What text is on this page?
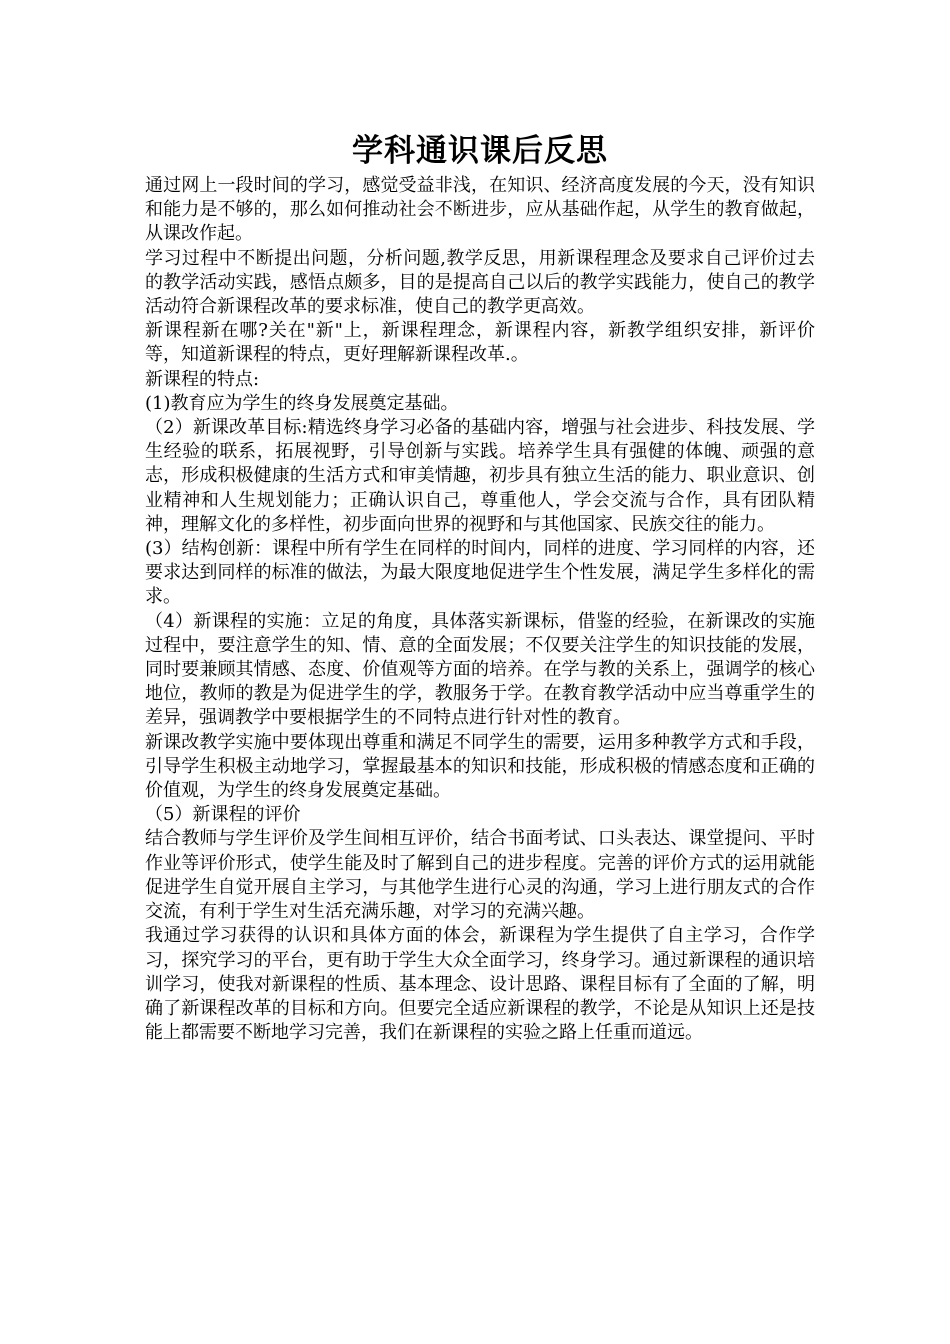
学科通识课后反思

通过网上一段时间的学习，感觉受益非浅，在知识、经济高度发展的今天，没有知识和能力是不够的，那么如何推动社会不断进步，应从基础作起，从学生的教育做起，从课改作起。

学习过程中不断提出问题，分析问题,教学反思，用新课程理念及要求自己评价过去的教学活动实践，感悟点颇多，目的是提高自己以后的教学实践能力，使自己的教学活动符合新课程改革的要求标准，使自己的教学更高效。

新课程新在哪?关在"新"上，新课程理念，新课程内容，新教学组织安排，新评价等，知道新课程的特点，更好理解新课程改革.。

新课程的特点:

(1)教育应为学生的终身发展奠定基础。

（2）新课改革目标:精选终身学习必备的基础内容，增强与社会进步、科技发展、学生经验的联系，拓展视野，引导创新与实践。培养学生具有强健的体魄、顽强的意志，形成积极健康的生活方式和审美情趣，初步具有独立生活的能力、职业意识、创业精神和人生规划能力；正确认识自己，尊重他人，学会交流与合作，具有团队精神，理解文化的多样性，初步面向世界的视野和与其他国家、民族交往的能力。

(3）结构创新：课程中所有学生在同样的时间内，同样的进度、学习同样的内容，还要求达到同样的标准的做法，为最大限度地促进学生个性发展，满足学生多样化的需求。

（4）新课程的实施：立足的角度，具体落实新课标，借鉴的经验，在新课改的实施过程中，要注意学生的知、情、意的全面发展；不仅要关注学生的知识技能的发展，同时要兼顾其情感、态度、价值观等方面的培养。在学与教的关系上，强调学的核心地位，教师的教是为促进学生的学，教服务于学。在教育教学活动中应当尊重学生的差异，强调教学中要根据学生的不同特点进行针对性的教育。

新课改教学实施中要体现出尊重和满足不同学生的需要，运用多种教学方式和手段，引导学生积极主动地学习，掌握最基本的知识和技能，形成积极的情感态度和正确的价值观，为学生的终身发展奠定基础。

（5）新课程的评价

结合教师与学生评价及学生间相互评价，结合书面考试、口头表达、课堂提问、平时作业等评价形式，使学生能及时了解到自己的进步程度。完善的评价方式的运用就能促进学生自觉开展自主学习，与其他学生进行心灵的沟通，学习上进行朋友式的合作交流，有利于学生对生活充满乐趣，对学习的充满兴趣。

我通过学习获得的认识和具体方面的体会，新课程为学生提供了自主学习，合作学习，探究学习的平台，更有助于学生大众全面学习，终身学习。通过新课程的通识培训学习，使我对新课程的性质、基本理念、设计思路、课程目标有了全面的了解，明确了新课程改革的目标和方向。但要完全适应新课程的教学，不论是从知识上还是技能上都需要不断地学习完善，我们在新课程的实验之路上任重而道远。
